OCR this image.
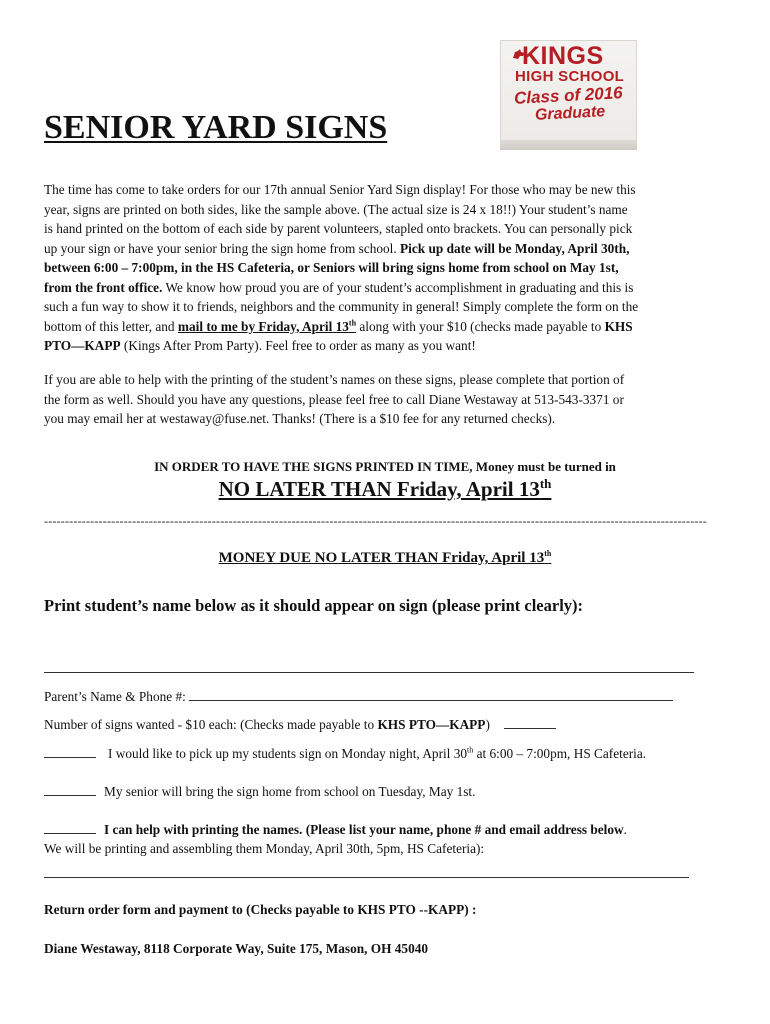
KINGS
HIGH SCHOOL
Class of 2016
Graduate
SENIOR YARD SIGNS

The time has come to take orders for our 17th annual Senior Yard Sign display! For those who may be new this

year, signs are printed on both sides, like the sample above. (The actual size is 24 x 18!!) Your student’s name

is hand printed on the bottom of each side by parent volunteers, stapled onto brackets. You can personally pick

up your sign or have your senior bring the sign home from school. Pick up date will be Monday, April 30th,

between 6:00 – 7:00pm, in the HS Cafeteria, or Seniors will bring signs home from school on May 1st,

from the front office. We know how proud you are of your student’s accomplishment in graduating and this is

such a fun way to show it to friends, neighbors and the community in general! Simply complete the form on the

bottom of this letter, and mail to me by Friday, April 13th along with your $10 (checks made payable to KHS

PTO—KAPP (Kings After Prom Party). Feel free to order as many as you want!

If you are able to help with the printing of the student’s names on these signs, please complete that portion of

the form as well. Should you have any questions, please feel free to call Diane Westaway at 513-543-3371 or

you may email her at westaway@fuse.net. Thanks! (There is a $10 fee for any returned checks).

IN ORDER TO HAVE THE SIGNS PRINTED IN TIME, Money must be turned in
NO LATER THAN Friday, April 13th
--------------------------------------------------------------------------------------------------------------------------------------------------------------
MONEY DUE NO LATER THAN Friday, April 13th
Print student’s name below as it should appear on sign (please print clearly):
Parent’s Name & Phone #:
Number of signs wanted - $10 each: (Checks made payable to KHS PTO—KAPP)
I would like to pick up my students sign on Monday night, April 30th at 6:00 – 7:00pm, HS Cafeteria.
My senior will bring the sign home from school on Tuesday, May 1st.
I can help with printing the names. (Please list your name, phone # and email address below.
We will be printing and assembling them Monday, April 30th, 5pm, HS Cafeteria):
Return order form and payment to (Checks payable to KHS PTO --KAPP) :
Diane Westaway, 8118 Corporate Way, Suite 175, Mason, OH 45040
